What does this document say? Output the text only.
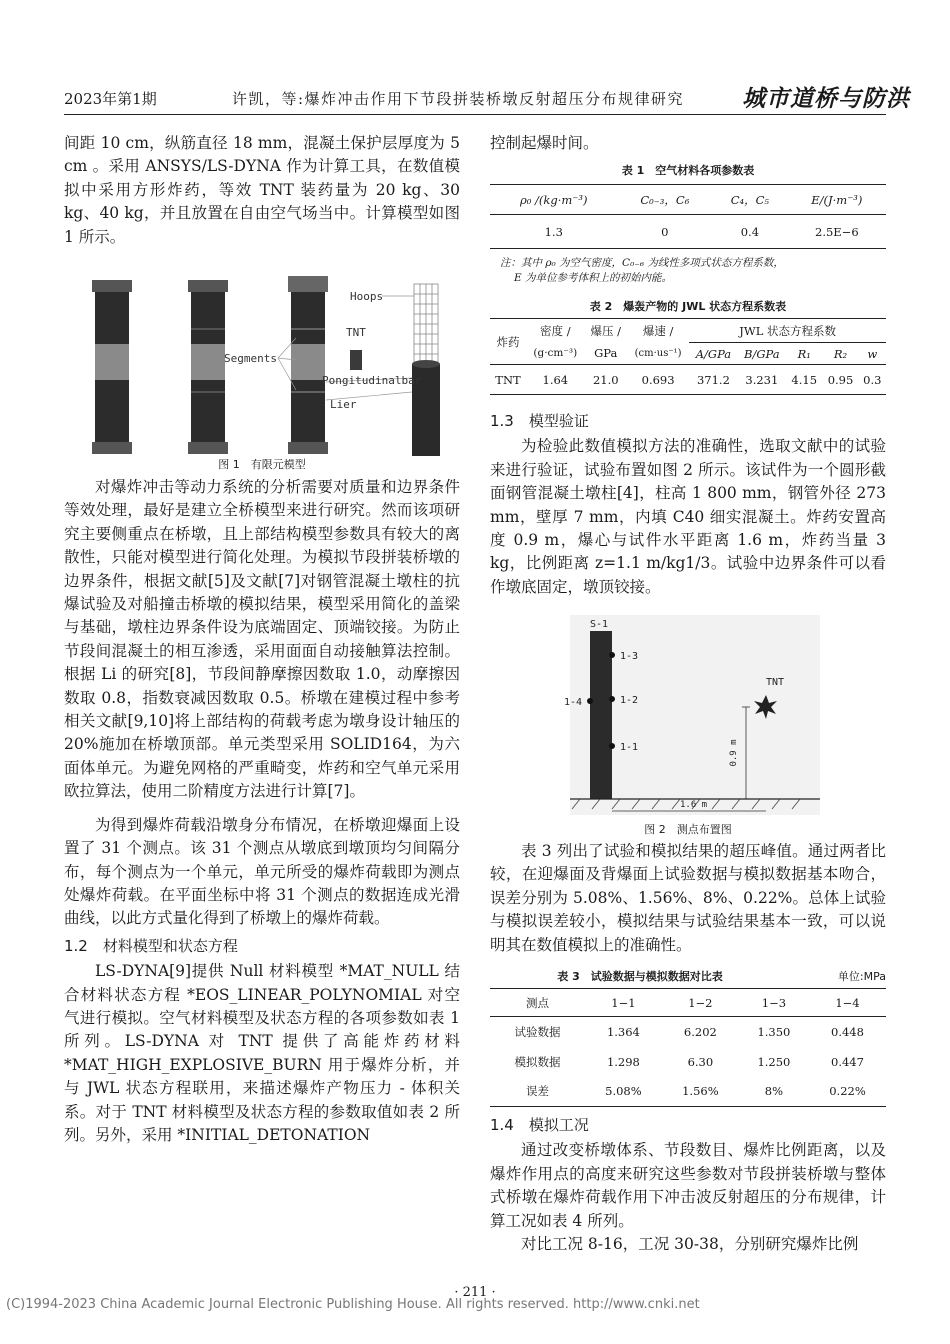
2023年第1期	许凯，等:爆炸冲击作用下节段拼装桥墩反射超压分布规律研究	城市道桥与防洪

间距 10 cm，纵筋直径 18 mm，混凝土保护层厚度为 5 cm 。采用 ANSYS/LS-DYNA 作为计算工具，在数值模拟中采用方形炸药，等效 TNT 装药量为 20 kg、30 kg、40 kg，并且放置在自由空气场当中。计算模型如图 1 所示。

Hoops
TNT
Segments
Pongitudinalbar
Lier
图 1　有限元模型

对爆炸冲击等动力系统的分析需要对质量和边界条件等效处理，最好是建立全桥模型来进行研究。然而该项研究主要侧重点在桥墩，且上部结构模型参数具有较大的离散性，只能对模型进行简化处理。为模拟节段拼装桥墩的边界条件，根据文献[5]及文献[7]对钢管混凝土墩柱的抗爆试验及对船撞击桥墩的模拟结果，模型采用简化的盖梁与基础，墩柱边界条件设为底端固定、顶端铰接。为防止节段间混凝土的相互渗透，采用面面自动接触算法控制。根据 Li 的研究[8]，节段间静摩擦因数取 1.0，动摩擦因数取 0.8，指数衰减因数取 0.5。桥墩在建模过程中参考相关文献[9,10]将上部结构的荷载考虑为墩身设计轴压的 20%施加在桥墩顶部。单元类型采用 SOLID164，为六面体单元。为避免网格的严重畸变，炸药和空气单元采用欧拉算法，使用二阶精度方法进行计算[7]。

为得到爆炸荷载沿墩身分布情况，在桥墩迎爆面上设置了 31 个测点。该 31 个测点从墩底到墩顶均匀间隔分布，每个测点为一个单元，单元所受的爆炸荷载即为测点处爆炸荷载。在平面坐标中将 31 个测点的数据连成光滑曲线，以此方式量化得到了桥墩上的爆炸荷载。

1.2　材料模型和状态方程

LS-DYNA[9]提供 Null 材料模型 *MAT_NULL 结合材料状态方程 *EOS_LINEAR_POLYNOMIAL 对空气进行模拟。空气材料模型及状态方程的各项参数如表 1 所列。LS-DYNA 对 TNT 提供了高能炸药材料 *MAT_HIGH_EXPLOSIVE_BURN 用于爆炸分析，并与 JWL 状态方程联用，来描述爆炸产物压力 - 体积关系。对于 TNT 材料模型及状态方程的参数取值如表 2 所列。另外，采用 *INITIAL_DETONATION

控制起爆时间。

表 1　空气材料各项参数表
ρ₀ /(kg·m⁻³)	C₀₋₃，C₆	C₄，C₅	E/(J·m⁻³)
1.3	0	0.4	2.5E−6
注：其中 ρ₀ 为空气密度，C₀₋₆ 为线性多项式状态方程系数，
E 为单位参考体积上的初始内能。
表 2　爆轰产物的 JWL 状态方程系数表
炸药	密度 /	爆压 /	爆速 /	JWL 状态方程系数				
	(g·cm⁻³)	GPa	(cm·us⁻¹)	A/GPa	B/GPa	R₁	R₂	w
TNT	1.64	21.0	0.693	371.2	3.231	4.15	0.95	0.3
1.3　模型验证

为检验此数值模拟方法的准确性，选取文献中的试验来进行验证，试验布置如图 2 所示。该试件为一个圆形截面钢管混凝土墩柱[4]，柱高 1 800 mm，钢管外径 273 mm，壁厚 7 mm，内填 C40 细实混凝土。炸药安置高度 0.9 m，爆心与试件水平距离 1.6 m，炸药当量 3 kg，比例距离 z=1.1 m/kg1/3。试验中边界条件可以看作墩底固定，墩顶铰接。

S-1
1-3
1-2
1-1
1-4
TNT
0.9 m
1.6 m
图 2　测点布置图

表 3 列出了试验和模拟结果的超压峰值。通过两者比较，在迎爆面及背爆面上试验数据与模拟数据基本吻合，误差分别为 5.08%、1.56%、8%、0.22%。总体上试验与模拟误差较小，模拟结果与试验结果基本一致，可以说明其在数值模拟上的准确性。

表 3　试验数据与模拟数据对比表	单位:MPa
测点	1−1	1−2	1−3	1−4
试验数据	1.364	6.202	1.350	0.448
模拟数据	1.298	6.30	1.250	0.447
误差	5.08%	1.56%	8%	0.22%
1.4　模拟工况

通过改变桥墩体系、节段数目、爆炸比例距离，以及爆炸作用点的高度来研究这些参数对节段拼装桥墩与整体式桥墩在爆炸荷载作用下冲击波反射超压的分布规律，计算工况如表 4 所列。

对比工况 8-16，工况 30-38，分别研究爆炸比例

· 211 ·
(C)1994-2023 China Academic Journal Electronic Publishing House. All rights reserved. http://www.cnki.net
